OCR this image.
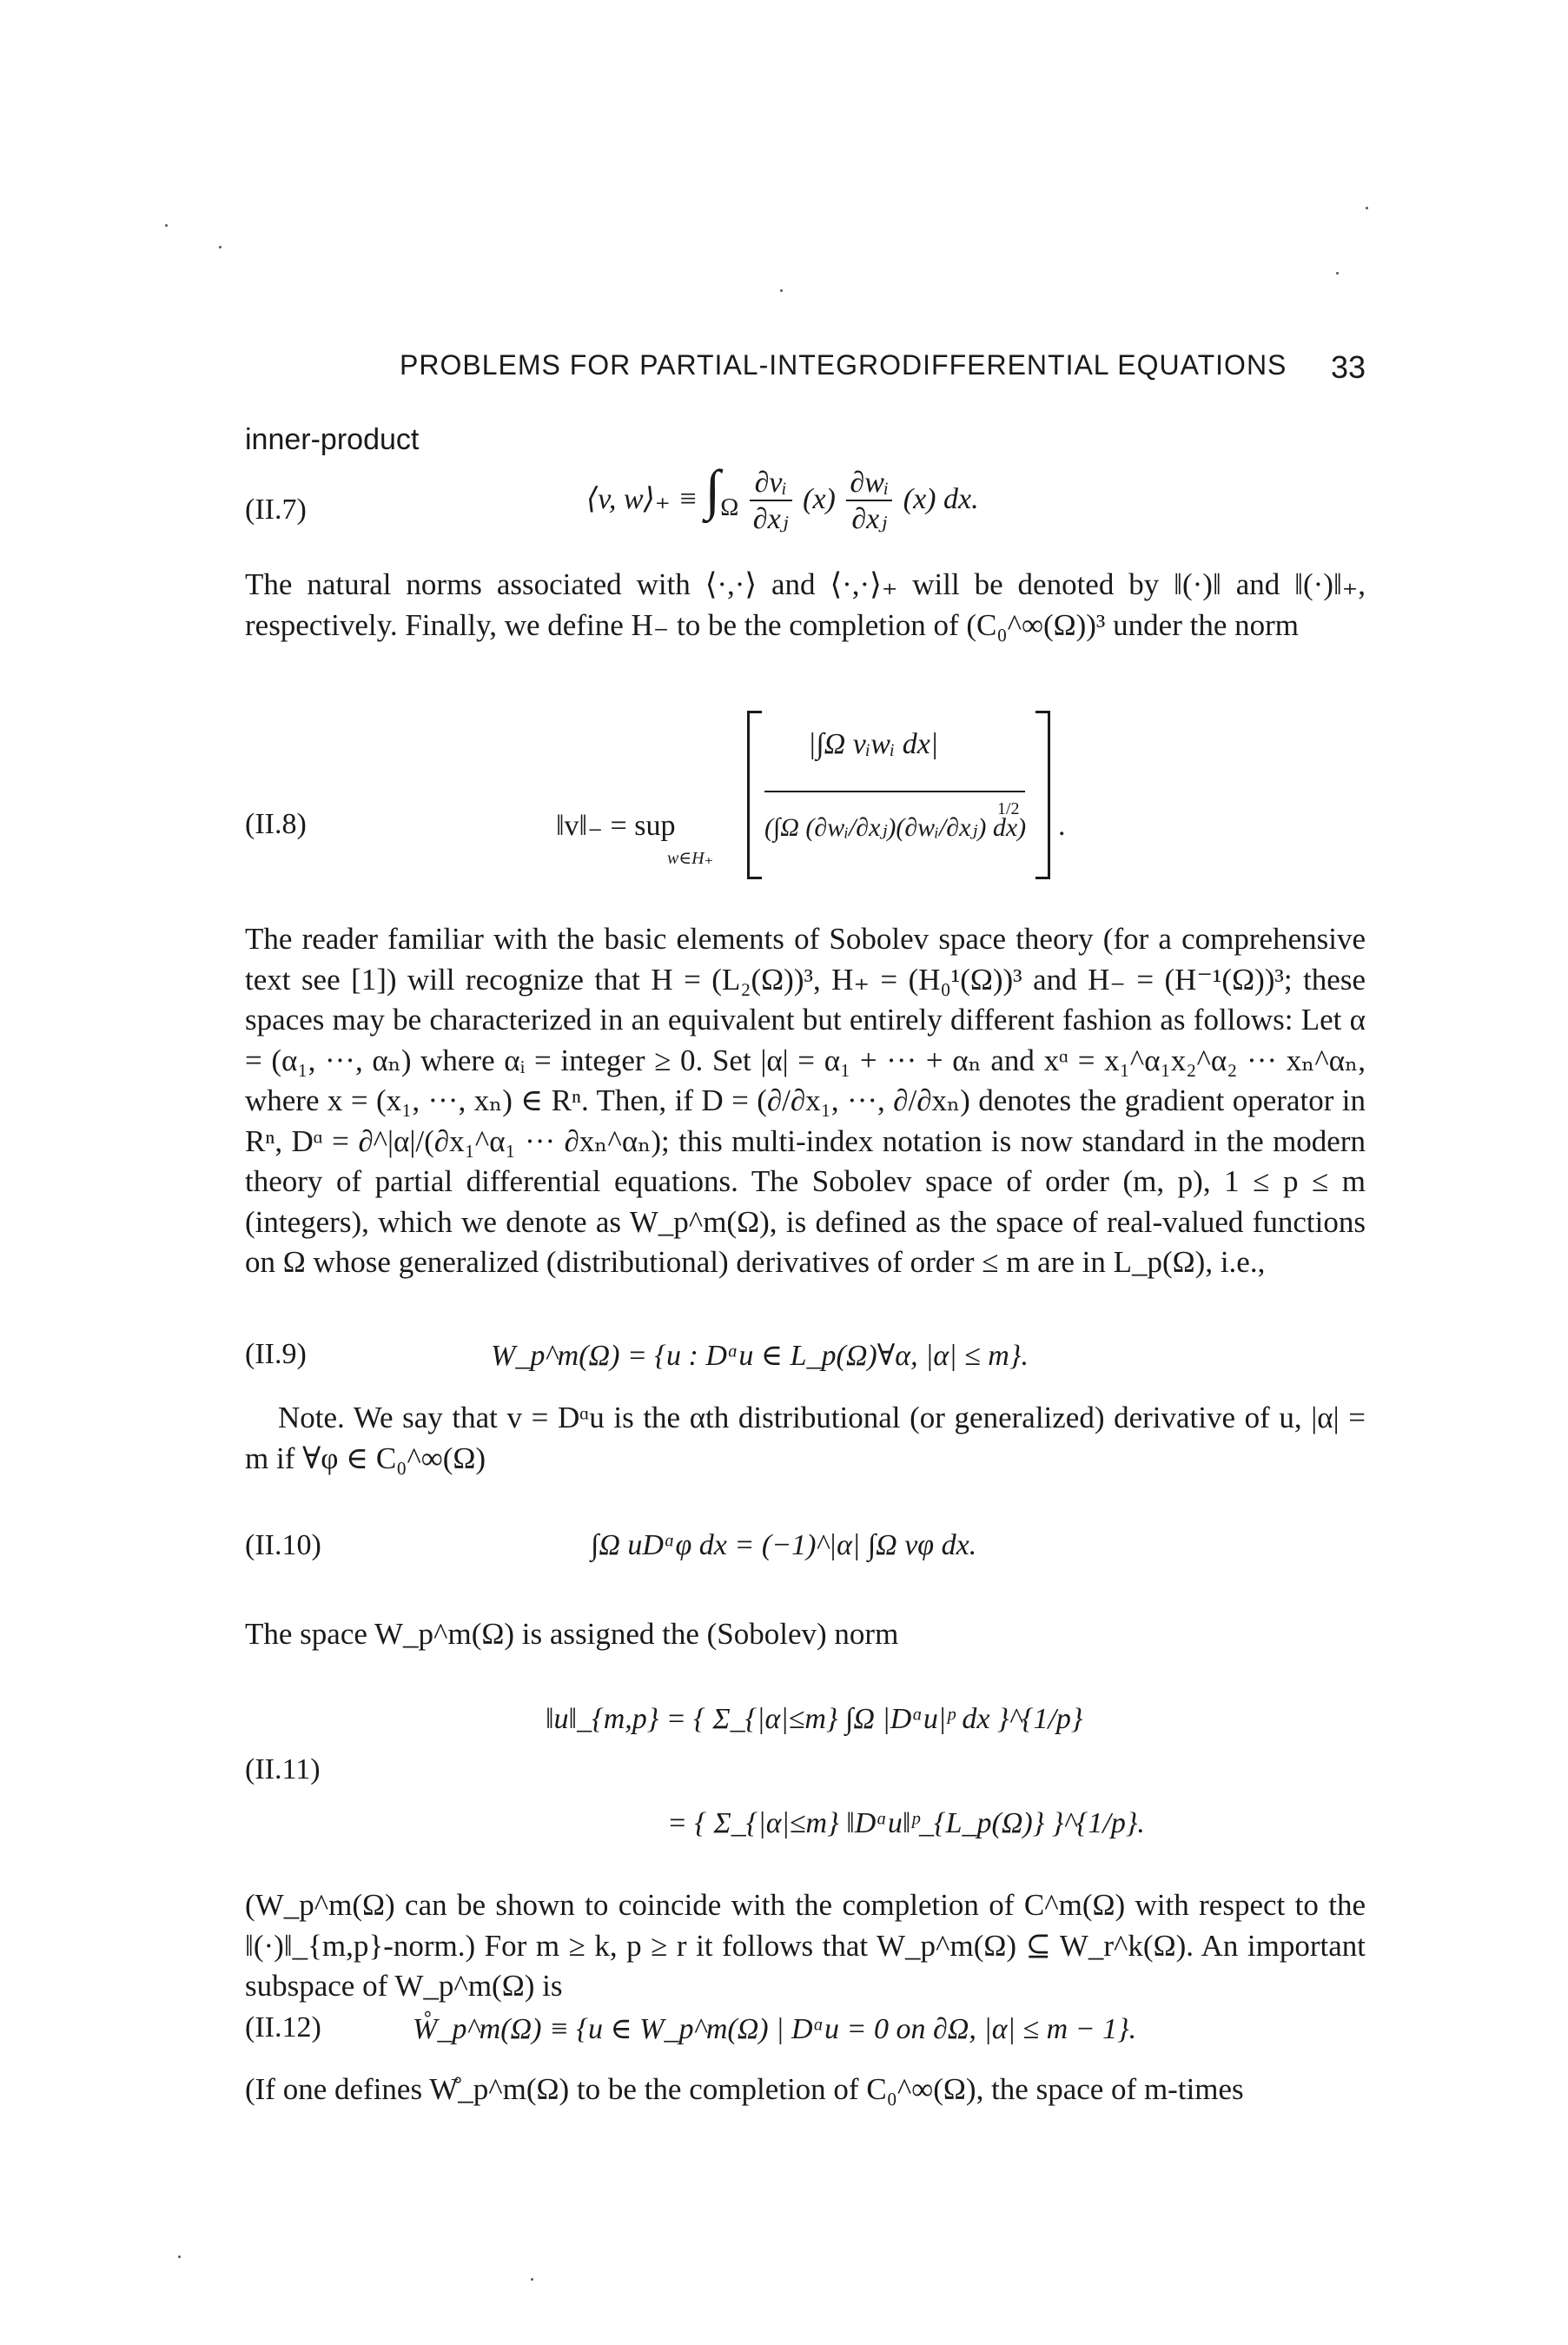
PROBLEMS FOR PARTIAL-INTEGRODIFFERENTIAL EQUATIONS 33
inner-product
(II.7)	⟨v, w⟩₊ ≡ $\int_\Omega \frac{\text{∂vᵢ}}{\text{∂xⱼ}} (x) \frac{\text{∂wᵢ}}{\text{∂xⱼ}} (x)$ dx.

The natural norms associated with ⟨·,·⟩ and ⟨·,·⟩₊ will be denoted by ‖(·)‖ and ‖(·)‖₊, respectively. Finally, we define H₋ to be the completion of (C₀^∞(Ω))³ under the norm

(II.8)	‖v‖₋ = sup
w∈H₊
|∫Ω vᵢwᵢ dx|
(∫Ω (∂wᵢ/∂xⱼ)(∂wᵢ/∂xⱼ) dx)
1/2
.

The reader familiar with the basic elements of Sobolev space theory (for a comprehensive text see [1]) will recognize that H = (L₂(Ω))³, H₊ = (H₀¹(Ω))³ and H₋ = (H⁻¹(Ω))³; these spaces may be characterized in an equivalent but entirely different fashion as follows: Let α = (α₁, ···, αₙ) where αᵢ = integer ≥ 0. Set |α| = α₁ + ··· + αₙ and xᵅ = x₁^α₁x₂^α₂ ··· xₙ^αₙ, where x = (x₁, ···, xₙ) ∈ Rⁿ. Then, if D = (∂/∂x₁, ···, ∂/∂xₙ) denotes the gradient operator in Rⁿ, Dᵅ = ∂^|α|/(∂x₁^α₁ ··· ∂xₙ^αₙ); this multi-index notation is now standard in the modern theory of partial differential equations. The Sobolev space of order (m, p), 1 ≤ p ≤ m (integers), which we denote as W_p^m(Ω), is defined as the space of real-valued functions on Ω whose generalized (distributional) derivatives of order ≤ m are in L_p(Ω), i.e.,

(II.9)	W_p^m(Ω) = {u : Dᵅu ∈ L_p(Ω)∀α, |α| ≤ m}.

Note. We say that v = Dᵅu is the αth distributional (or generalized) derivative of u, |α| = m if ∀φ ∈ C₀^∞(Ω)

(II.10)	∫Ω uDᵅφ dx = (−1)^|α| ∫Ω vφ dx.

The space W_p^m(Ω) is assigned the (Sobolev) norm

(II.11)
‖u‖_{m,p} = { Σ_{|α|≤m} ∫Ω |Dᵅu|ᵖ dx }^{1/p}
= { Σ_{|α|≤m} ‖Dᵅu‖ᵖ_{L_p(Ω)} }^{1/p}.

(W_p^m(Ω) can be shown to coincide with the completion of C^m(Ω) with respect to the ‖(·)‖_{m,p}-norm.) For m ≥ k, p ≥ r it follows that W_p^m(Ω) ⊆ W_r^k(Ω). An important subspace of W_p^m(Ω) is

(II.12)	W̊_p^m(Ω) ≡ {u ∈ W_p^m(Ω) | Dᵅu = 0 on ∂Ω, |α| ≤ m − 1}.

(If one defines W̊_p^m(Ω) to be the completion of C₀^∞(Ω), the space of m-times
